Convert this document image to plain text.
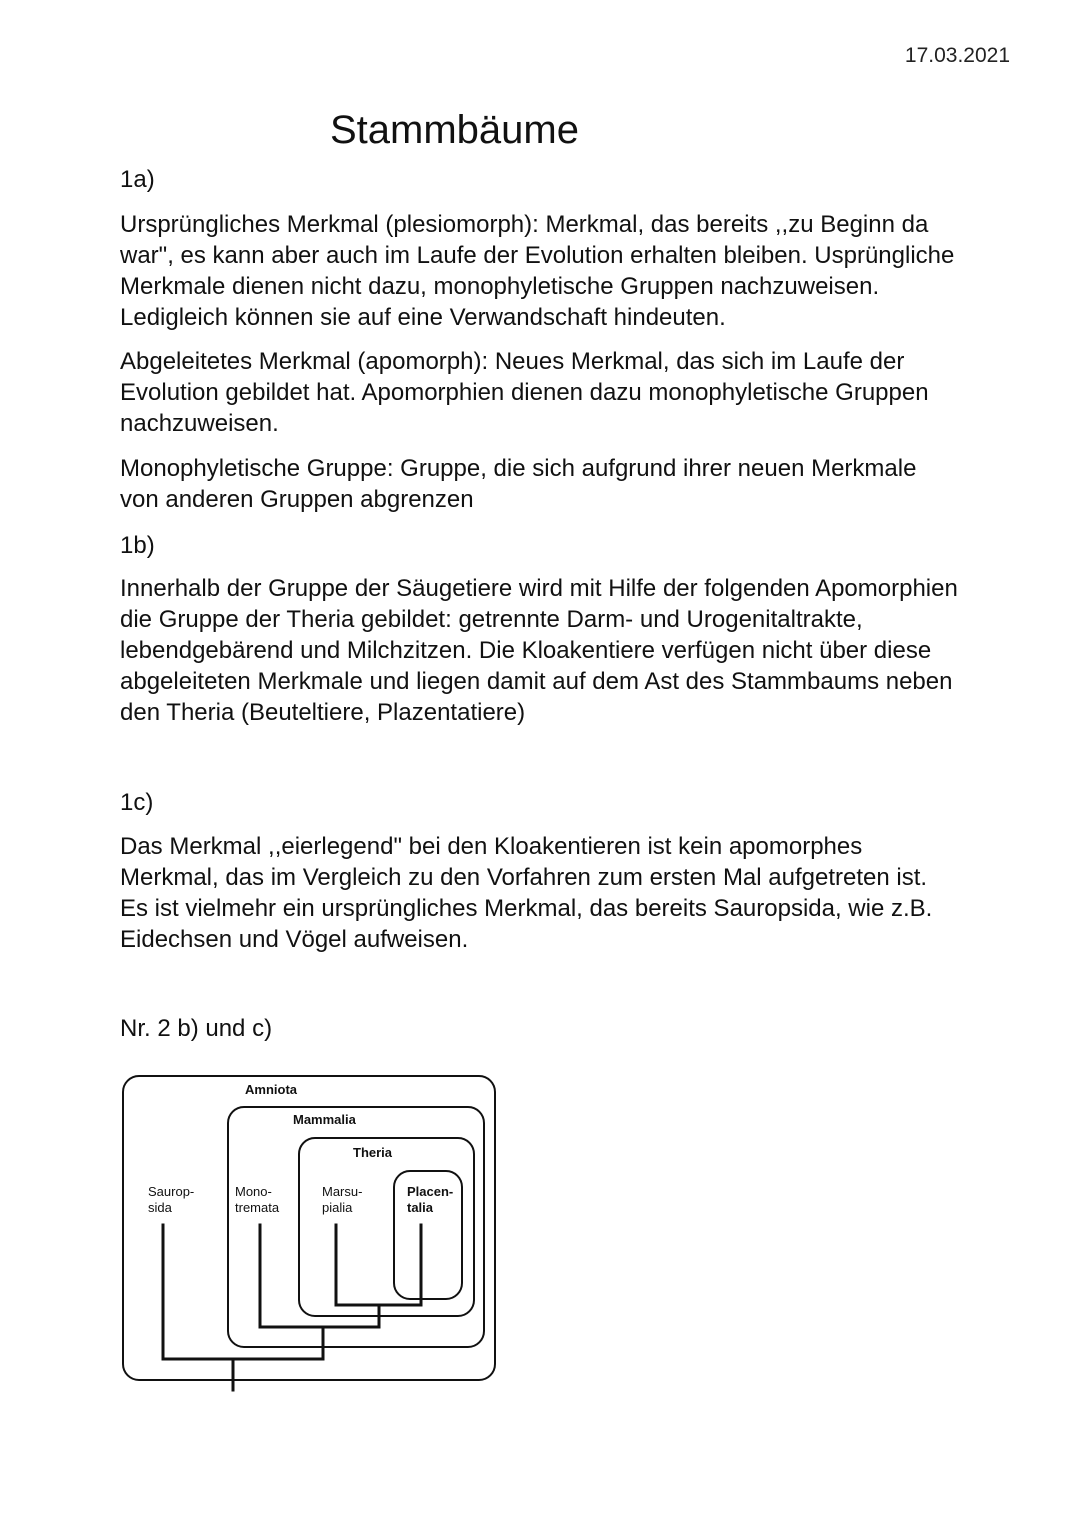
17.03.2021
Stammbäume
1a)

Ursprüngliches Merkmal (plesiomorph): Merkmal, das bereits ,,zu Beginn da war", es kann aber auch im Laufe der Evolution erhalten bleiben. Usprüngliche Merkmale dienen nicht dazu, monophyletische Gruppen nachzuweisen. Ledigleich können sie auf eine Verwandschaft hindeuten.

Abgeleitetes Merkmal (apomorph): Neues Merkmal, das sich im Laufe der Evolution gebildet hat. Apomorphien dienen dazu monophyletische Gruppen nachzuweisen.

Monophyletische Gruppe: Gruppe, die sich aufgrund ihrer neuen Merkmale von anderen Gruppen abgrenzen

1b)

Innerhalb der Gruppe der Säugetiere wird mit Hilfe der folgenden Apomorphien die Gruppe der Theria gebildet: getrennte Darm- und Urogenitaltrakte, lebendgebärend und Milchzitzen. Die Kloakentiere verfügen nicht über diese abgeleiteten Merkmale und liegen damit auf dem Ast des Stammbaums neben den Theria (Beuteltiere, Plazentatiere)

1c)

Das Merkmal ,,eierlegend" bei den Kloakentieren ist kein apomorphes Merkmal, das im Vergleich zu den Vorfahren zum ersten Mal aufgetreten ist. Es ist vielmehr ein ursprüngliches Merkmal, das bereits Sauropsida, wie z.B. Eidechsen und Vögel aufweisen.

Nr. 2 b) und c)
Amniota
Mammalia
Theria
Saurop-
sida
Mono-
tremata
Marsu-
pialia
Placen-
talia
